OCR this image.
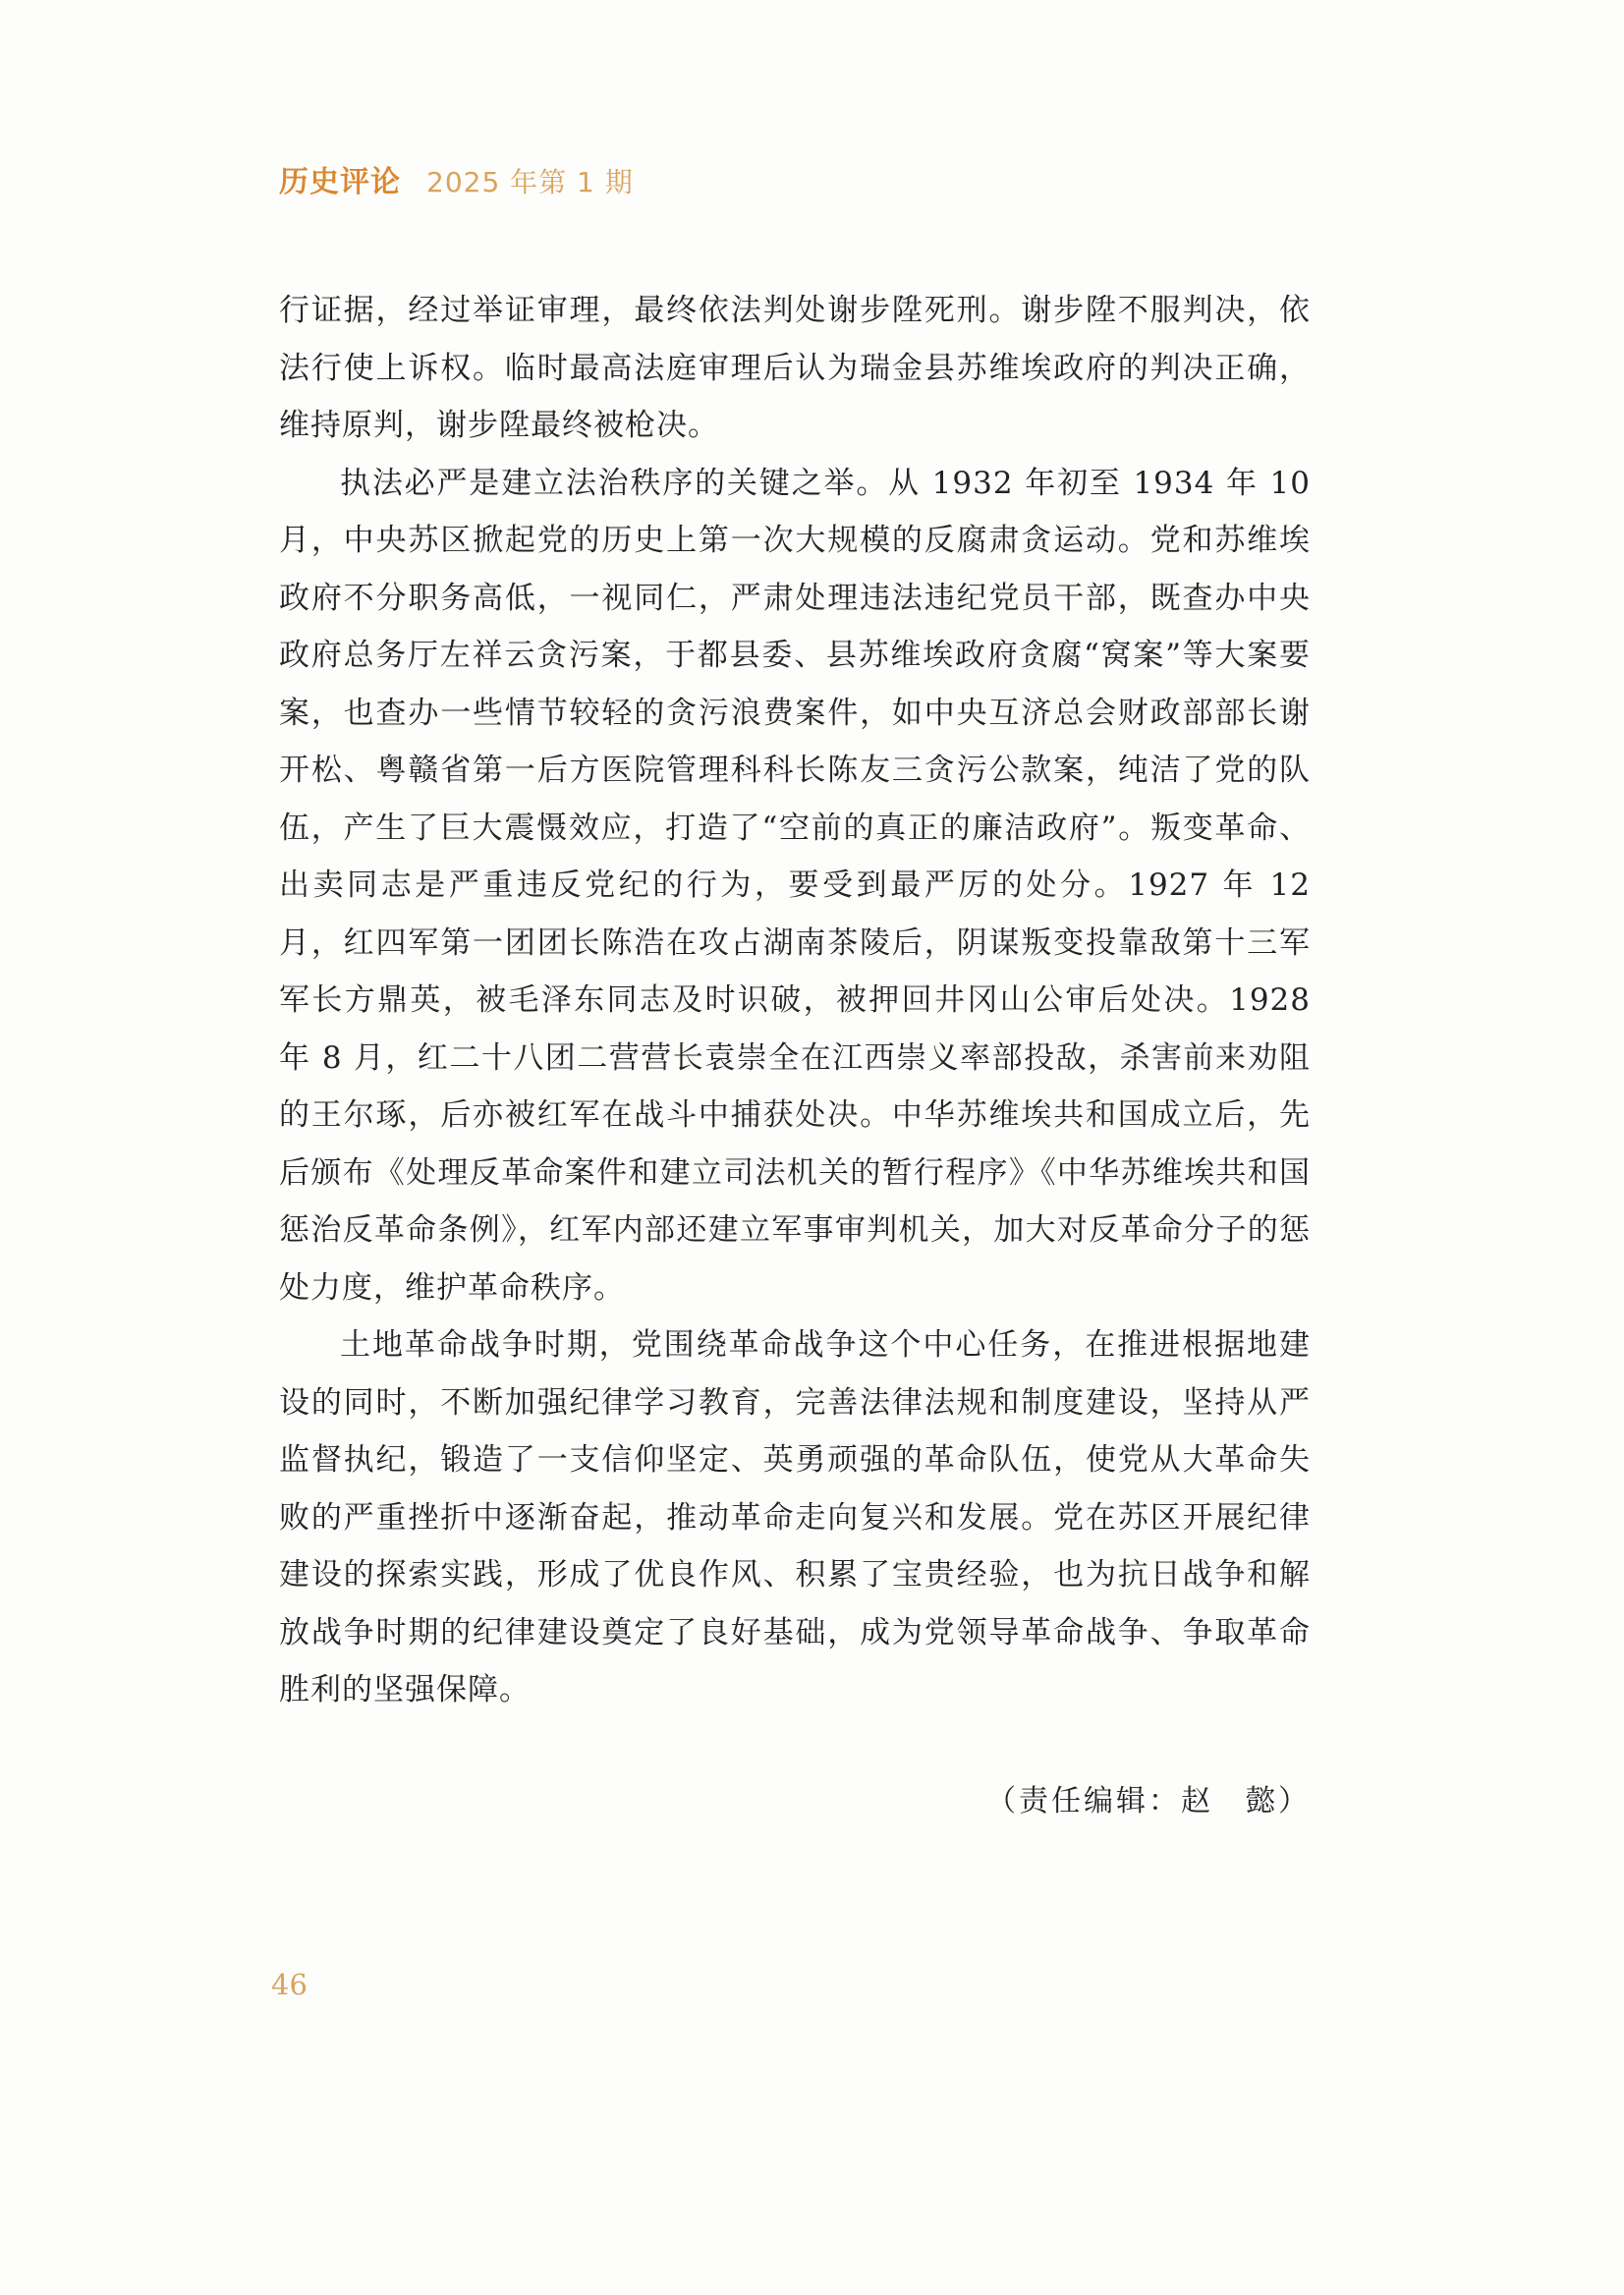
历史评论 2025 年第 1 期

行证据，经过举证审理，最终依法判处谢步陞死刑。谢步陞不服判决，依法行使上诉权。临时最高法庭审理后认为瑞金县苏维埃政府的判决正确，维持原判，谢步陞最终被枪决。

执法必严是建立法治秩序的关键之举。从 1932 年初至 1934 年 10 月，中央苏区掀起党的历史上第一次大规模的反腐肃贪运动。党和苏维埃政府不分职务高低，一视同仁，严肃处理违法违纪党员干部，既查办中央政府总务厅左祥云贪污案，于都县委、县苏维埃政府贪腐“窝案”等大案要案，也查办一些情节较轻的贪污浪费案件，如中央互济总会财政部部长谢开松、粤赣省第一后方医院管理科科长陈友三贪污公款案，纯洁了党的队伍，产生了巨大震慑效应，打造了“空前的真正的廉洁政府”。叛变革命、出卖同志是严重违反党纪的行为，要受到最严厉的处分。1927 年 12 月，红四军第一团团长陈浩在攻占湖南茶陵后，阴谋叛变投靠敌第十三军军长方鼎英，被毛泽东同志及时识破，被押回井冈山公审后处决。1928 年 8 月，红二十八团二营营长袁崇全在江西崇义率部投敌，杀害前来劝阻的王尔琢，后亦被红军在战斗中捕获处决。中华苏维埃共和国成立后，先后颁布《处理反革命案件和建立司法机关的暂行程序》《中华苏维埃共和国惩治反革命条例》，红军内部还建立军事审判机关，加大对反革命分子的惩处力度，维护革命秩序。

土地革命战争时期，党围绕革命战争这个中心任务，在推进根据地建设的同时，不断加强纪律学习教育，完善法律法规和制度建设，坚持从严监督执纪，锻造了一支信仰坚定、英勇顽强的革命队伍，使党从大革命失败的严重挫折中逐渐奋起，推动革命走向复兴和发展。党在苏区开展纪律建设的探索实践，形成了优良作风、积累了宝贵经验，也为抗日战争和解放战争时期的纪律建设奠定了良好基础，成为党领导革命战争、争取革命胜利的坚强保障。

（责任编辑：赵　懿）
46
